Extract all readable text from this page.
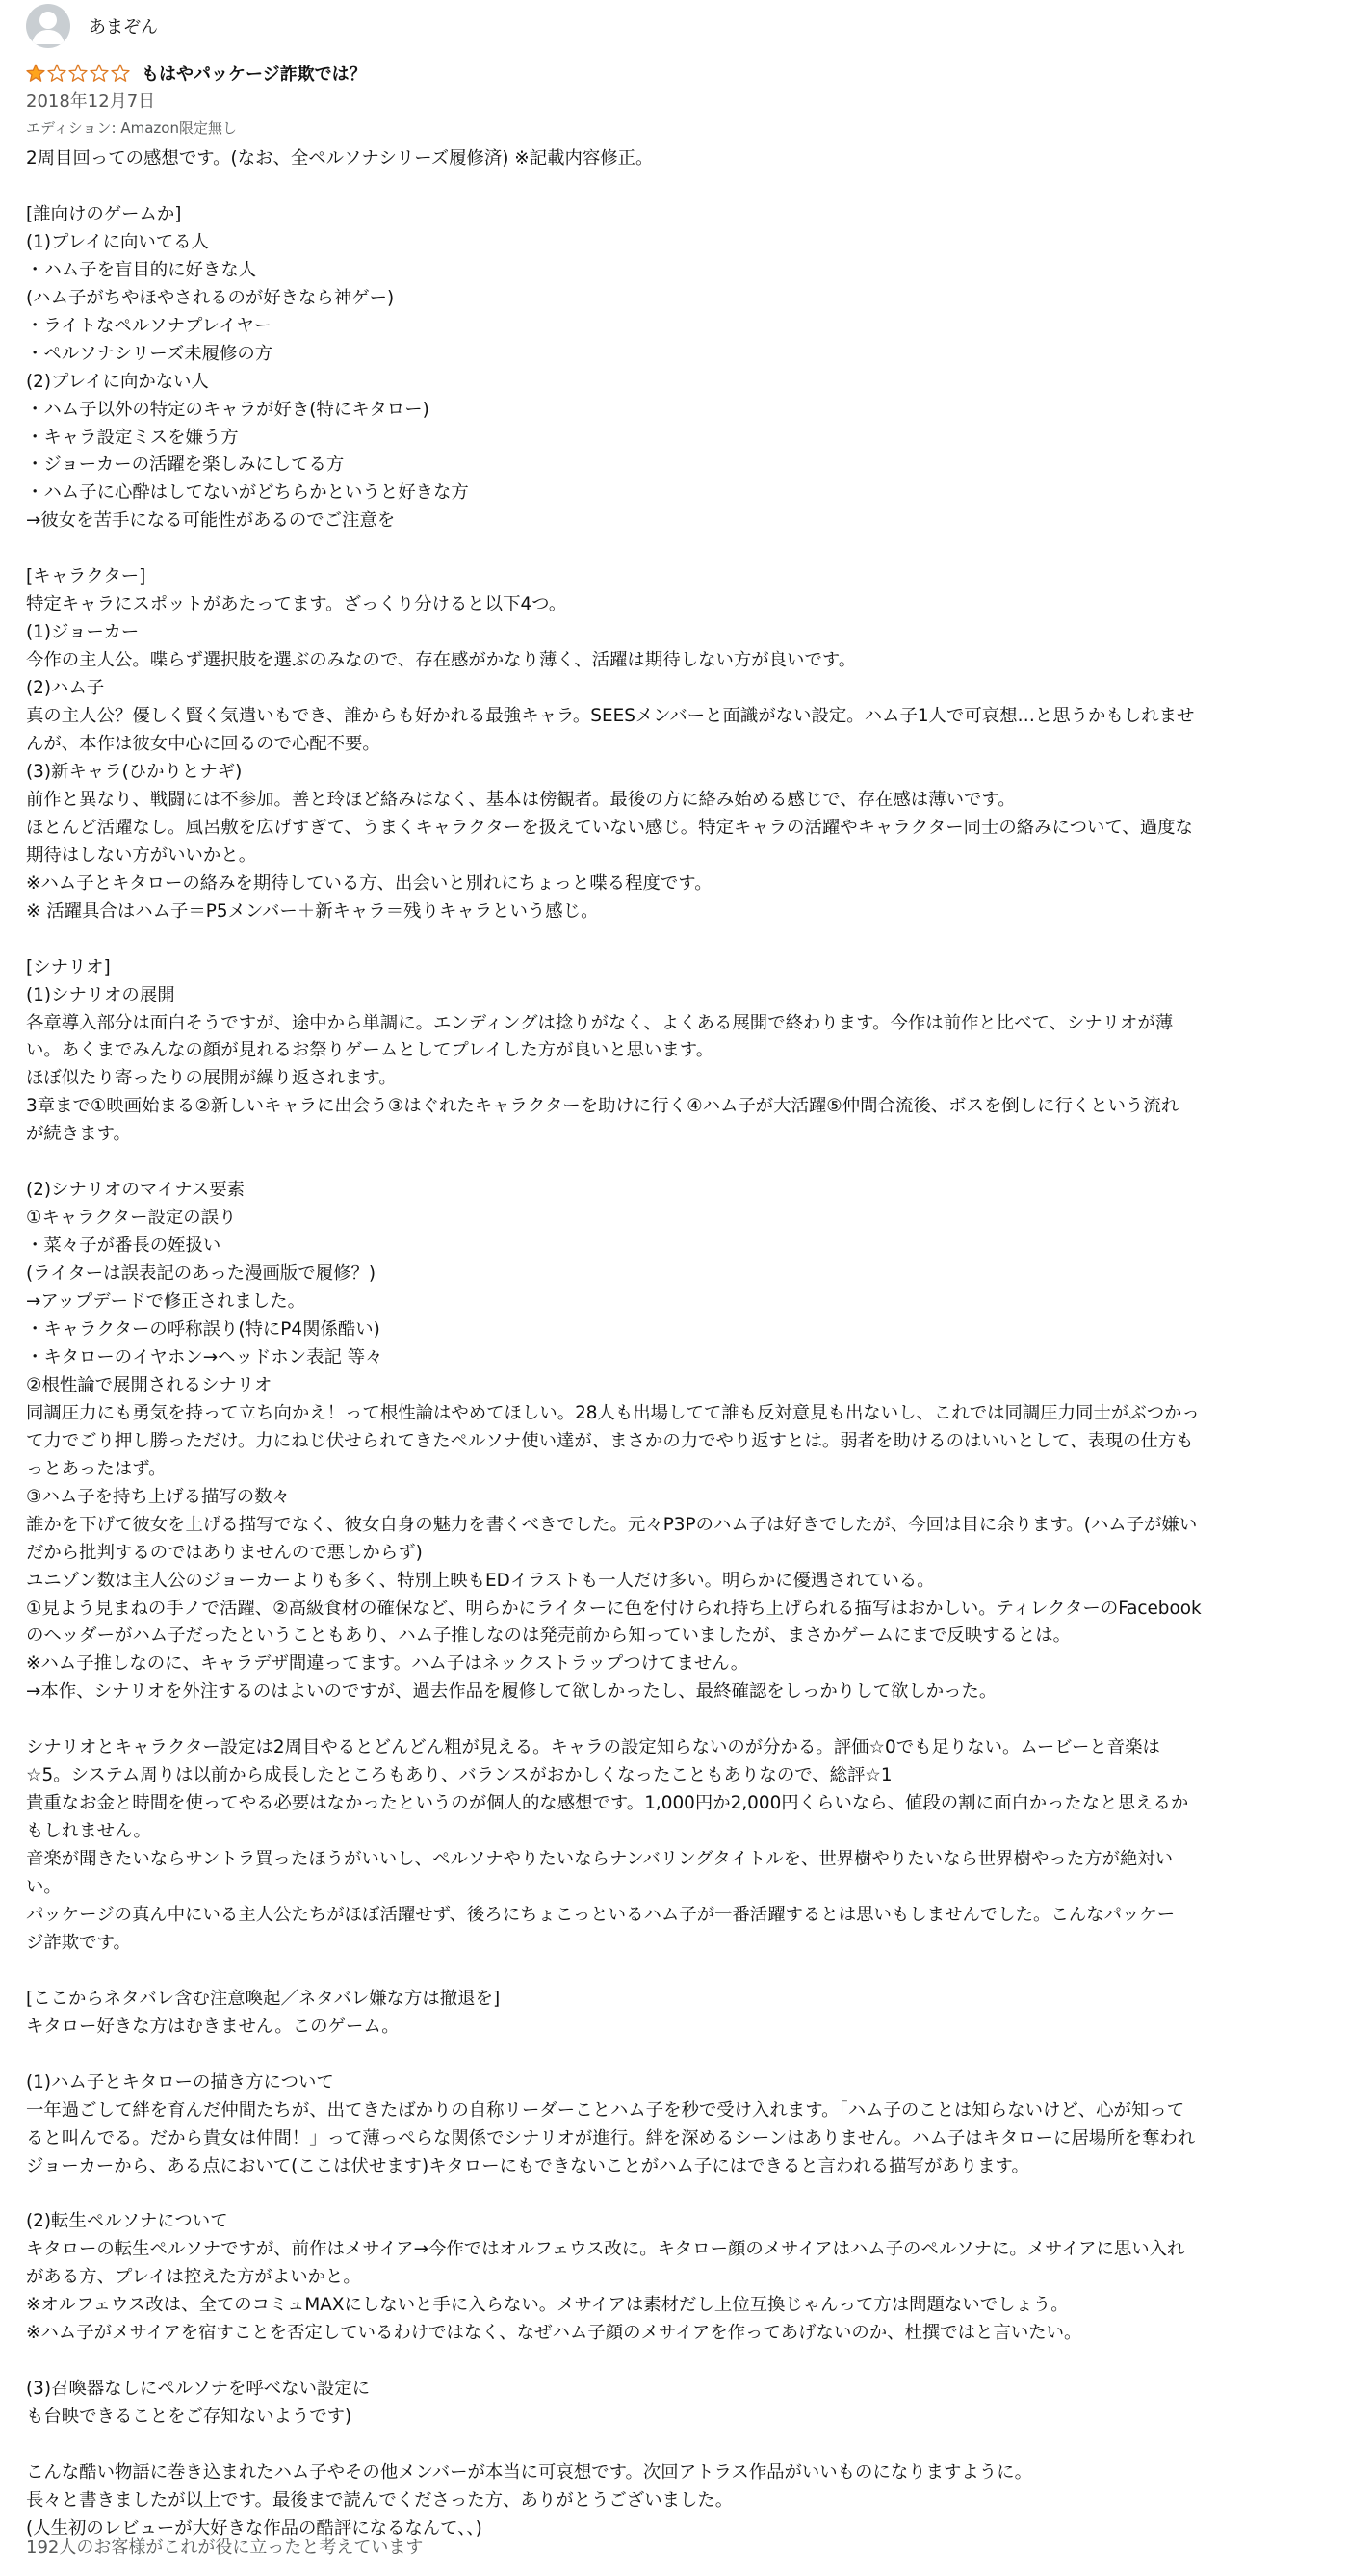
あまぞん
もはやパッケージ詐欺では？
2018年12月7日
エディション: Amazon限定無し
2周目回っての感想です。(なお、全ペルソナシリーズ履修済) ※記載内容修正。
[誰向けのゲームか]
(1)プレイに向いてる人
・ハム子を盲目的に好きな人
(ハム子がちやほやされるのが好きなら神ゲー)
・ライトなペルソナプレイヤー
・ペルソナシリーズ未履修の方
(2)プレイに向かない人
・ハム子以外の特定のキャラが好き(特にキタロー)
・キャラ設定ミスを嫌う方
・ジョーカーの活躍を楽しみにしてる方
・ハム子に心酔はしてないがどちらかというと好きな方
→彼女を苦手になる可能性があるのでご注意を
[キャラクター]
特定キャラにスポットがあたってます。ざっくり分けると以下4つ。
(1)ジョーカー
今作の主人公。喋らず選択肢を選ぶのみなので、存在感がかなり薄く、活躍は期待しない方が良いです。
(2)ハム子
真の主人公？優しく賢く気遣いもでき、誰からも好かれる最強キャラ。SEESメンバーと面識がない設定。ハム子1人で可哀想…と思うかもしれませ
んが、本作は彼女中心に回るので心配不要。
(3)新キャラ(ひかりとナギ)
前作と異なり、戦闘には不参加。善と玲ほど絡みはなく、基本は傍観者。最後の方に絡み始める感じで、存在感は薄いです。
ほとんど活躍なし。風呂敷を広げすぎて、うまくキャラクターを扱えていない感じ。特定キャラの活躍やキャラクター同士の絡みについて、過度な
期待はしない方がいいかと。
※ハム子とキタローの絡みを期待している方、出会いと別れにちょっと喋る程度です。
※ 活躍具合はハム子＝P5メンバー＋新キャラ＝残りキャラという感じ。
[シナリオ]
(1)シナリオの展開
各章導入部分は面白そうですが、途中から単調に。エンディングは捻りがなく、よくある展開で終わります。今作は前作と比べて、シナリオが薄
い。あくまでみんなの顔が見れるお祭りゲームとしてプレイした方が良いと思います。
ほぼ似たり寄ったりの展開が繰り返されます。
3章まで①映画始まる②新しいキャラに出会う③はぐれたキャラクターを助けに行く④ハム子が大活躍⑤仲間合流後、ボスを倒しに行くという流れ
が続きます。
(2)シナリオのマイナス要素
①キャラクター設定の誤り
・菜々子が番長の姪扱い
(ライターは誤表記のあった漫画版で履修？)
→アップデードで修正されました。
・キャラクターの呼称誤り(特にP4関係酷い)
・キタローのイヤホン→ヘッドホン表記 等々
②根性論で展開されるシナリオ
同調圧力にも勇気を持って立ち向かえ！って根性論はやめてほしい。28人も出場してて誰も反対意見も出ないし、これでは同調圧力同士がぶつかっ
て力でごり押し勝っただけ。力にねじ伏せられてきたペルソナ使い達が、まさかの力でやり返すとは。弱者を助けるのはいいとして、表現の仕方も
っとあったはず。
③ハム子を持ち上げる描写の数々
誰かを下げて彼女を上げる描写でなく、彼女自身の魅力を書くべきでした。元々P3Pのハム子は好きでしたが、今回は目に余ります。(ハム子が嫌い
だから批判するのではありませんので悪しからず)
ユニゾン数は主人公のジョーカーよりも多く、特別上映もEDイラストも一人だけ多い。明らかに優遇されている。
①見よう見まねの手ノで活躍、②高級食材の確保など、明らかにライターに色を付けられ持ち上げられる描写はおかしい。ティレクターのFacebook
のヘッダーがハム子だったということもあり、ハム子推しなのは発売前から知っていましたが、まさかゲームにまで反映するとは。
※ハム子推しなのに、キャラデザ間違ってます。ハム子はネックストラップつけてません。
→本作、シナリオを外注するのはよいのですが、過去作品を履修して欲しかったし、最終確認をしっかりして欲しかった。
シナリオとキャラクター設定は2周目やるとどんどん粗が見える。キャラの設定知らないのが分かる。評価☆0でも足りない。ムービーと音楽は
☆5。システム周りは以前から成長したところもあり、バランスがおかしくなったこともありなので、総評☆1
貴重なお金と時間を使ってやる必要はなかったというのが個人的な感想です。1,000円か2,000円くらいなら、値段の割に面白かったなと思えるか
もしれません。
音楽が聞きたいならサントラ買ったほうがいいし、ペルソナやりたいならナンバリングタイトルを、世界樹やりたいなら世界樹やった方が絶対い
い。
パッケージの真ん中にいる主人公たちがほぼ活躍せず、後ろにちょこっといるハム子が一番活躍するとは思いもしませんでした。こんなパッケー
ジ詐欺です。
[ここからネタバレ含む注意喚起／ネタバレ嫌な方は撤退を]
キタロー好きな方はむきません。このゲーム。
(1)ハム子とキタローの描き方について
一年過ごして絆を育んだ仲間たちが、出てきたばかりの自称リーダーことハム子を秒で受け入れます。「ハム子のことは知らないけど、心が知って
ると叫んでる。だから貴女は仲間！」って薄っぺらな関係でシナリオが進行。絆を深めるシーンはありません。ハム子はキタローに居場所を奪われ
ジョーカーから、ある点において(ここは伏せます)キタローにもできないことがハム子にはできると言われる描写があります。
(2)転生ペルソナについて
キタローの転生ペルソナですが、前作はメサイア→今作ではオルフェウス改に。キタロー顔のメサイアはハム子のペルソナに。メサイアに思い入れ
がある方、プレイは控えた方がよいかと。
※オルフェウス改は、全てのコミュMAXにしないと手に入らない。メサイアは素材だし上位互換じゃんって方は問題ないでしょう。
※ハム子がメサイアを宿すことを否定しているわけではなく、なぜハム子顔のメサイアを作ってあげないのか、杜撰ではと言いたい。
(3)召喚器なしにペルソナを呼べない設定に
も台映できることをご存知ないようです)
こんな酷い物語に巻き込まれたハム子やその他メンバーが本当に可哀想です。次回アトラス作品がいいものになりますように。
長々と書きましたが以上です。最後まで読んでくださった方、ありがとうございました。
(人生初のレビューが大好きな作品の酷評になるなんて、、)
192人のお客様がこれが役に立ったと考えています
